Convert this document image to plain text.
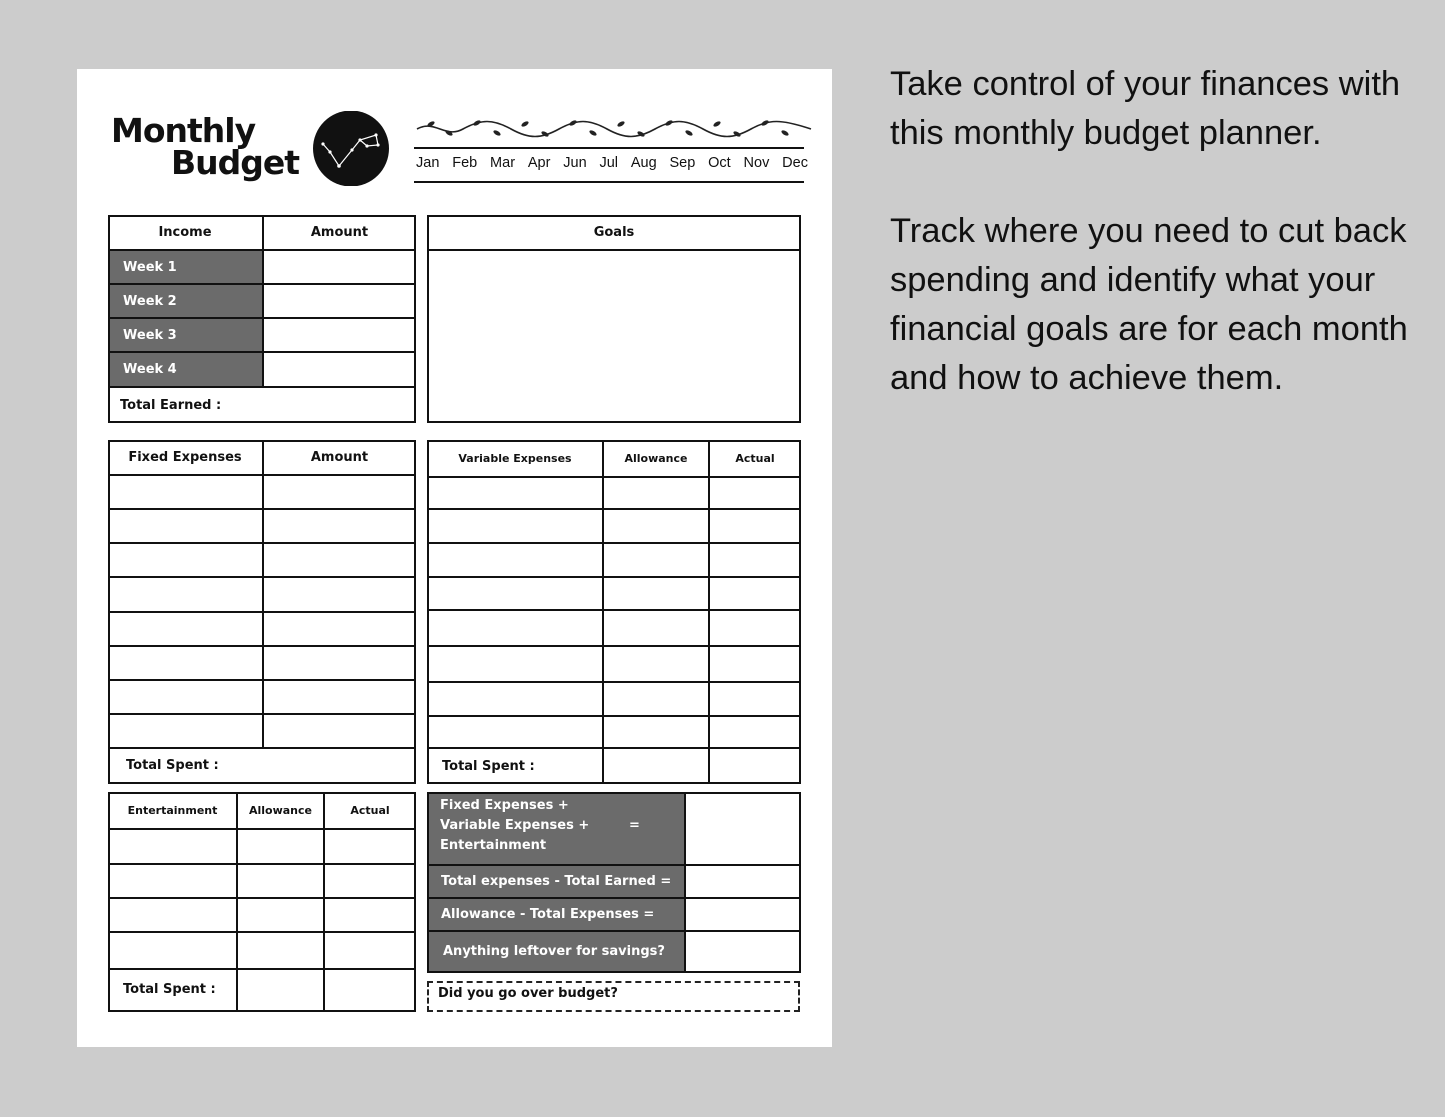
Monthly
Budget	Jan Feb Mar Apr Jun Jul Aug Sep Oct Nov Dec
Income	Amount
Week 1
Week 2
Week 3
Week 4
Total Earned :
Goals
Fixed Expenses	Amount
Total Spent :
Variable Expenses	Allowance	Actual
Total Spent :
Entertainment	Allowance	Actual
Total Spent :
Fixed Expenses +
Variable Expenses +
Entertainment
=
Total expenses - Total Earned =
Allowance - Total Expenses =
Anything leftover for savings?
Did you go over budget?

Take control of your finances with this monthly budget planner.

Track where you need to cut back spending and identify what your financial goals are for each month and how to achieve them.
